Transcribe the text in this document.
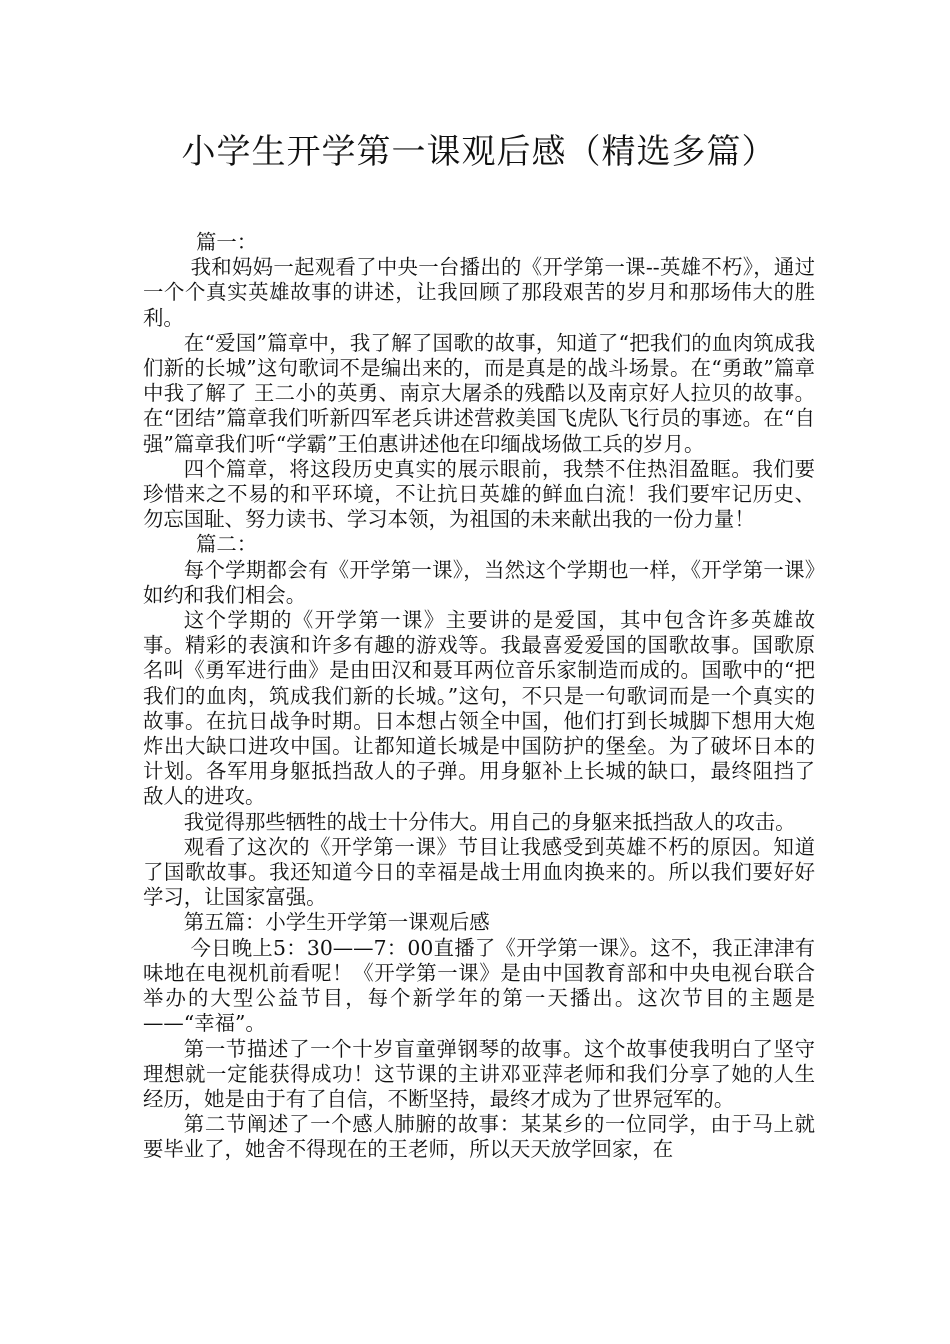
小学生开学第一课观后感（精选多篇）

篇一：

我和妈妈一起观看了中央一台播出的《开学第一课--英雄不朽》，通过一个个真实英雄故事的讲述，让我回顾了那段艰苦的岁月和那场伟大的胜利。

在“爱国”篇章中，我了解了国歌的故事，知道了“把我们的血肉筑成我们新的长城”这句歌词不是编出来的，而是真是的战斗场景。在“勇敢”篇章中我了解了 王二小的英勇、南京大屠杀的残酷以及南京好人拉贝的故事。在“团结”篇章我们听新四军老兵讲述营救美国飞虎队飞行员的事迹。在“自强”篇章我们听“学霸”王伯惠讲述他在印缅战场做工兵的岁月。

四个篇章，将这段历史真实的展示眼前，我禁不住热泪盈眶。我们要珍惜来之不易的和平环境，不让抗日英雄的鲜血白流！我们要牢记历史、勿忘国耻、努力读书、学习本领，为祖国的未来献出我的一份力量！

篇二：

每个学期都会有《开学第一课》，当然这个学期也一样，《开学第一课》如约和我们相会。

这个学期的《开学第一课》主要讲的是爱国，其中包含许多英雄故事。精彩的表演和许多有趣的游戏等。我最喜爱爱国的国歌故事。国歌原名叫《勇军进行曲》是由田汉和聂耳两位音乐家制造而成的。国歌中的“把我们的血肉，筑成我们新的长城。”这句，不只是一句歌词而是一个真实的故事。在抗日战争时期。日本想占领全中国，他们打到长城脚下想用大炮炸出大缺口进攻中国。让都知道长城是中国防护的堡垒。为了破坏日本的计划。各军用身躯抵挡敌人的子弹。用身躯补上长城的缺口，最终阻挡了敌人的进攻。

我觉得那些牺牲的战士十分伟大。用自己的身躯来抵挡敌人的攻击。

观看了这次的《开学第一课》节目让我感受到英雄不朽的原因。知道了国歌故事。我还知道今日的幸福是战士用血肉换来的。所以我们要好好学习，让国家富强。

第五篇：小学生开学第一课观后感

今日晚上5：30——7：00直播了《开学第一课》。这不，我正津津有味地在电视机前看呢！《开学第一课》是由中国教育部和中央电视台联合举办的大型公益节目，每个新学年的第一天播出。这次节目的主题是——“幸福”。

第一节描述了一个十岁盲童弹钢琴的故事。这个故事使我明白了坚守理想就一定能获得成功！这节课的主讲邓亚萍老师和我们分享了她的人生经历，她是由于有了自信，不断坚持，最终才成为了世界冠军的。

第二节阐述了一个感人肺腑的故事：某某乡的一位同学，由于马上就要毕业了，她舍不得现在的王老师，所以天天放学回家，在
